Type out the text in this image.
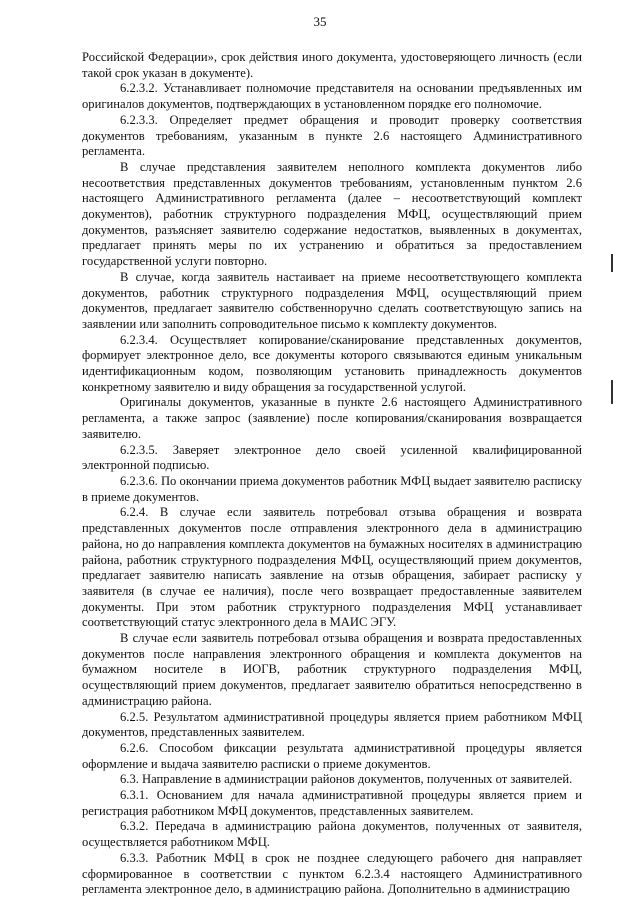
35

Российской Федерации», срок действия иного документа, удостоверяющего личность (если такой срок указан в документе).

6.2.3.2. Устанавливает полномочие представителя на основании предъявленных им оригиналов документов, подтверждающих в установленном порядке его полномочие.

6.2.3.3. Определяет предмет обращения и проводит проверку соответствия документов требованиям, указанным в пункте 2.6 настоящего Административного регламента.

В случае представления заявителем неполного комплекта документов либо несоответствия представленных документов требованиям, установленным пунктом 2.6 настоящего Административного регламента (далее – несоответствующий комплект документов), работник структурного подразделения МФЦ, осуществляющий прием документов, разъясняет заявителю содержание недостатков, выявленных в документах, предлагает принять меры по их устранению и обратиться за предоставлением государственной услуги повторно.

В случае, когда заявитель настаивает на приеме несоответствующего комплекта документов, работник структурного подразделения МФЦ, осуществляющий прием документов, предлагает заявителю собственноручно сделать соответствующую запись на заявлении или заполнить сопроводительное письмо к комплекту документов.

6.2.3.4. Осуществляет копирование/сканирование представленных документов, формирует электронное дело, все документы которого связываются единым уникальным идентификационным кодом, позволяющим установить принадлежность документов конкретному заявителю и виду обращения за государственной услугой.

Оригиналы документов, указанные в пункте 2.6 настоящего Административного регламента, а также запрос (заявление) после копирования/сканирования возвращается заявителю.

6.2.3.5. Заверяет электронное дело своей усиленной квалифицированной электронной подписью.

6.2.3.6. По окончании приема документов работник МФЦ выдает заявителю расписку в приеме документов.

6.2.4. В случае если заявитель потребовал отзыва обращения и возврата представленных документов после отправления электронного дела в администрацию района, но до направления комплекта документов на бумажных носителях в администрацию района, работник структурного подразделения МФЦ, осуществляющий прием документов, предлагает заявителю написать заявление на отзыв обращения, забирает расписку у заявителя (в случае ее наличия), после чего возвращает предоставленные заявителем документы. При этом работник структурного подразделения МФЦ устанавливает соответствующий статус электронного дела в МАИС ЭГУ.

В случае если заявитель потребовал отзыва обращения и возврата предоставленных документов после направления электронного обращения и комплекта документов на бумажном носителе в ИОГВ, работник структурного подразделения МФЦ, осуществляющий прием документов, предлагает заявителю обратиться непосредственно в администрацию района.

6.2.5. Результатом административной процедуры является прием работником МФЦ документов, представленных заявителем.

6.2.6. Способом фиксации результата административной процедуры является оформление и выдача заявителю расписки о приеме документов.

6.3. Направление в администрации районов документов, полученных от заявителей.

6.3.1. Основанием для начала административной процедуры является прием и регистрация работником МФЦ документов, представленных заявителем.

6.3.2. Передача в администрацию района документов, полученных от заявителя, осуществляется работником МФЦ.

6.3.3. Работник МФЦ в срок не позднее следующего рабочего дня направляет сформированное в соответствии с пунктом 6.2.3.4 настоящего Административного регламента электронное дело, в администрацию района. Дополнительно в администрацию
